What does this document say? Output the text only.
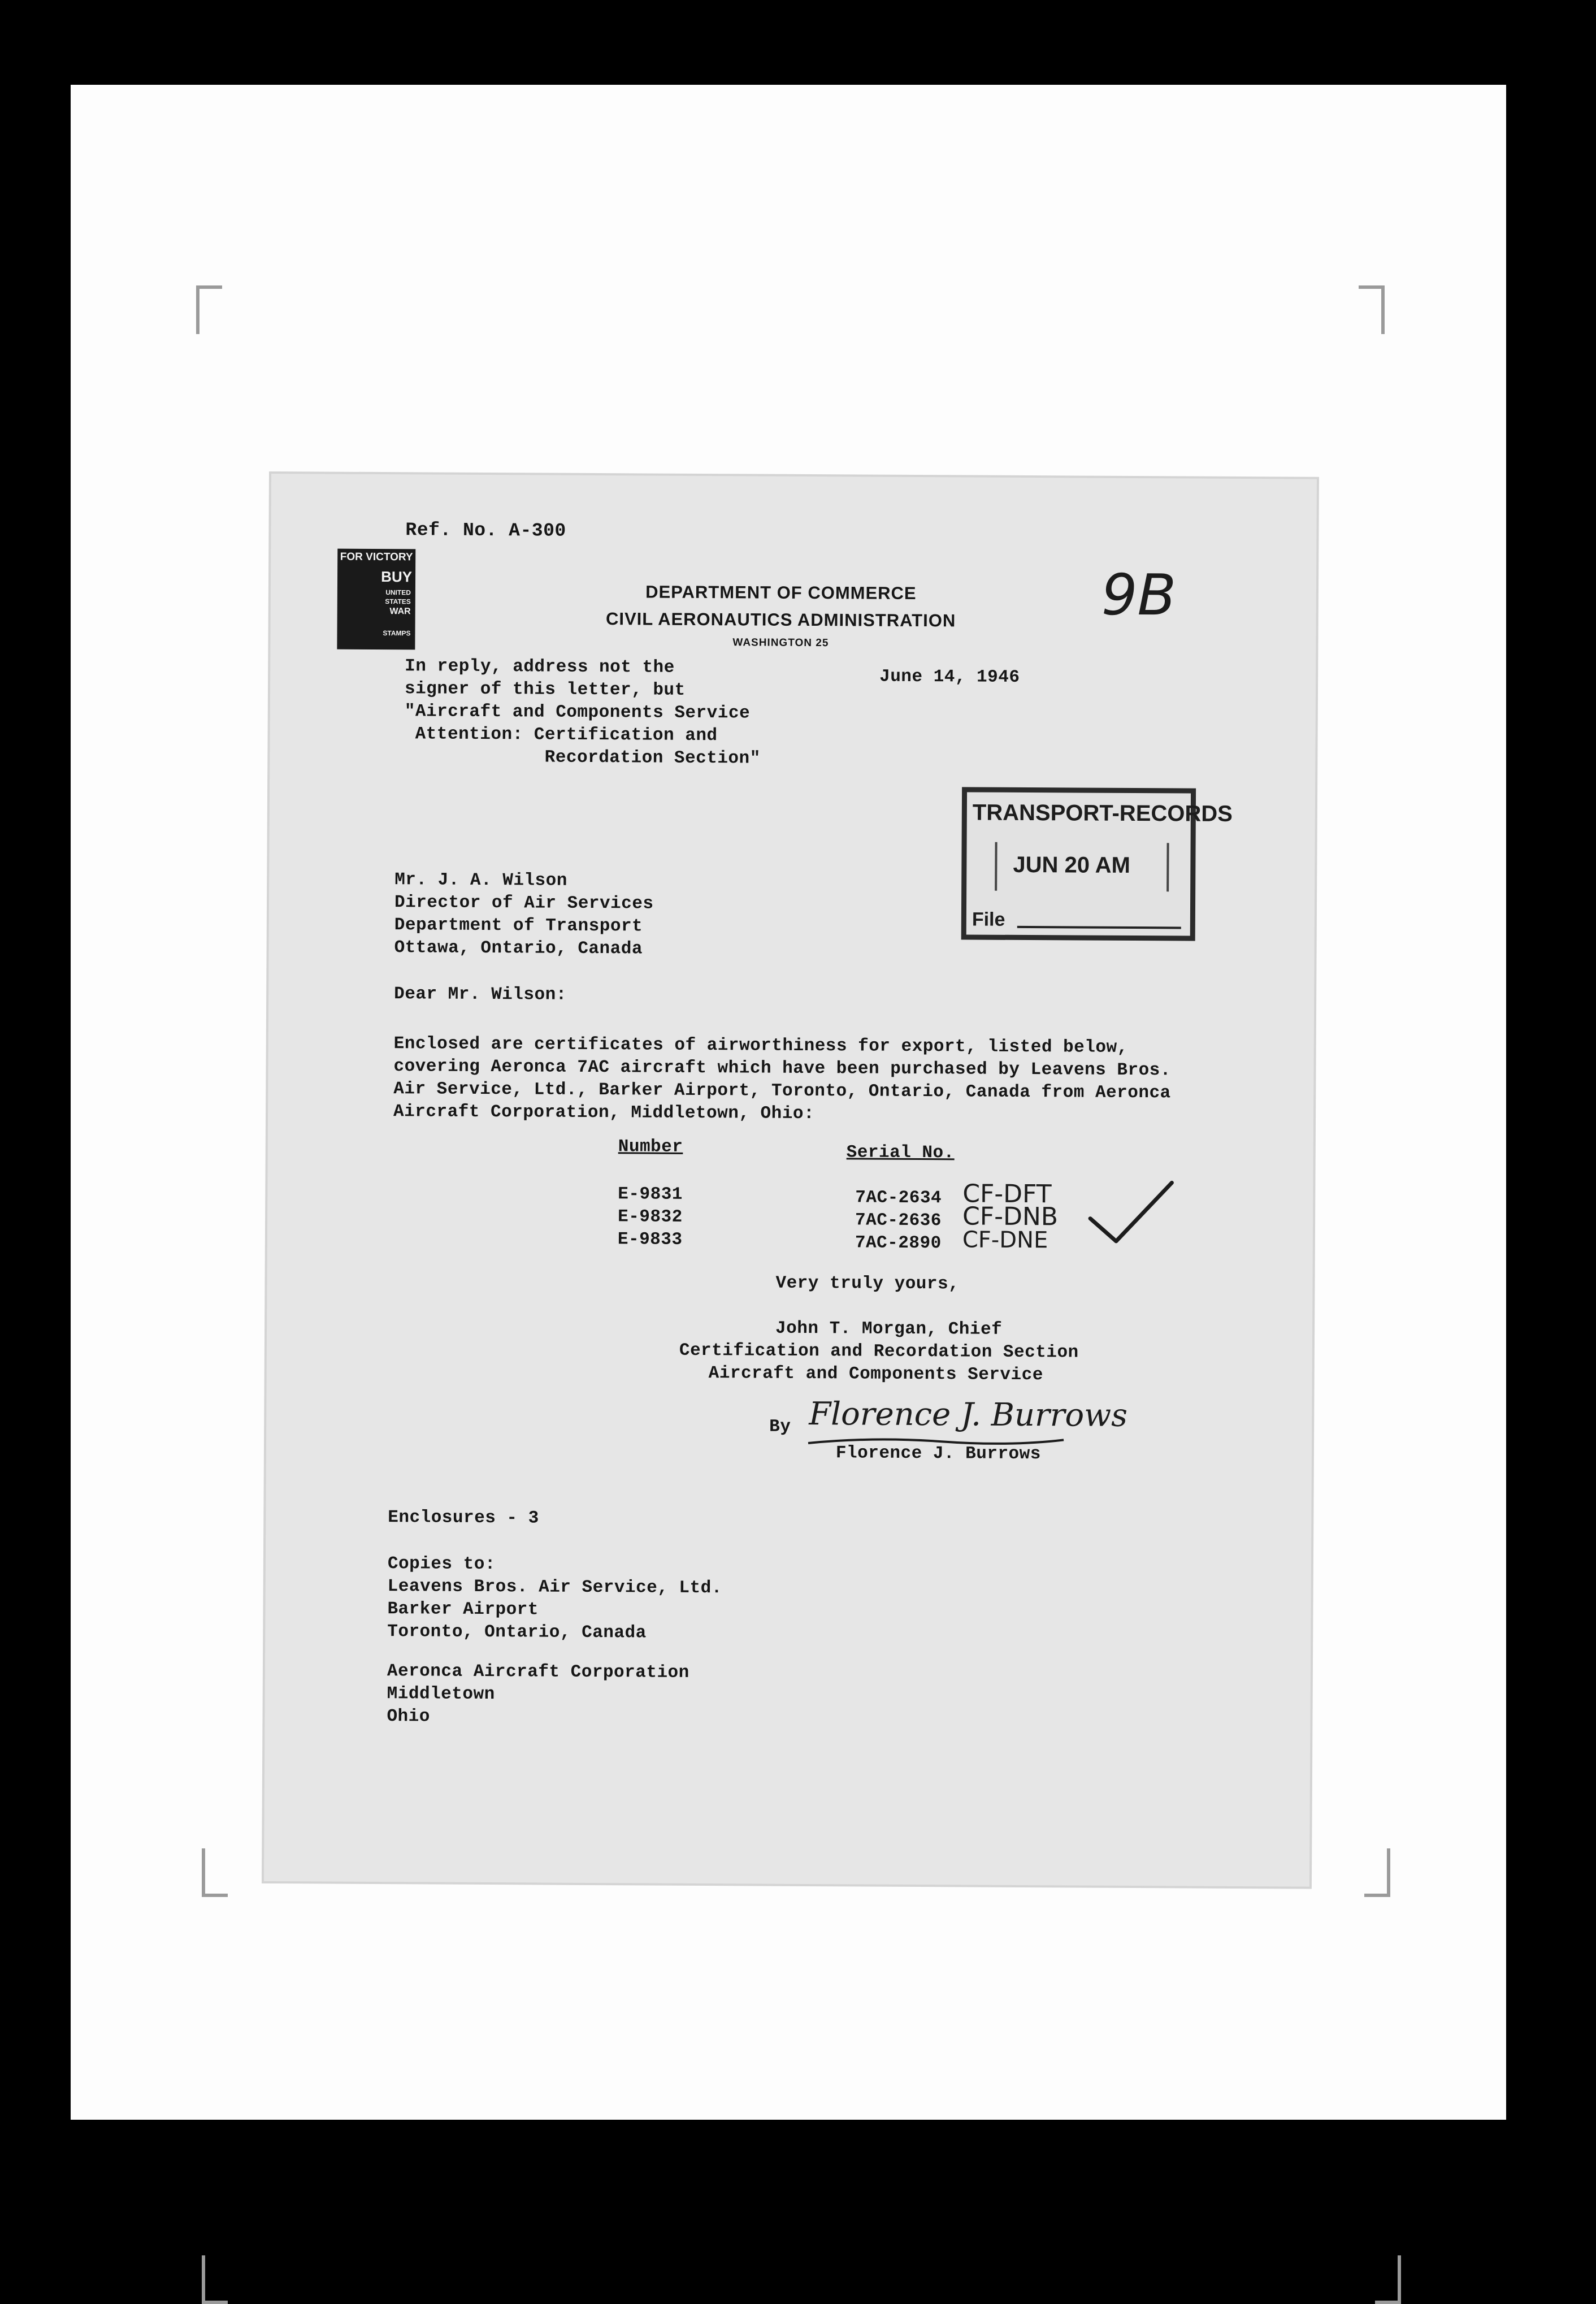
Ref. No. A-300
9B
FOR VICTORY
BUY
UNITED
STATES
WAR
STAMPS
DEPARTMENT OF COMMERCE
CIVIL AERONAUTICS ADMINISTRATION
WASHINGTON 25
In reply, address not the
signer of this letter, but
"Aircraft and Components Service
Attention: Certification and
Recordation Section"
June 14, 1946
TRANSPORT-RECORDS
JUN 20 AM
File
Mr. J. A. Wilson
Director of Air Services
Department of Transport
Ottawa, Ontario, Canada
Dear Mr. Wilson:
Enclosed are certificates of airworthiness for export, listed below,
covering Aeronca 7AC aircraft which have been purchased by Leavens Bros.
Air Service, Ltd., Barker Airport, Toronto, Ontario, Canada from Aeronca
Aircraft Corporation, Middletown, Ohio:
Number	Serial No.
E-9831	7AC-2634 CF-DFT
E-9832	7AC-2636 CF-DNB
E-9833	7AC-2890 CF-DNE
Very truly yours,
John T. Morgan, Chief
Certification and Recordation Section
Aircraft and Components Service
By Florence J. Burrows
Florence J. Burrows
Enclosures - 3
Copies to:
Leavens Bros. Air Service, Ltd.
Barker Airport
Toronto, Ontario, Canada
Aeronca Aircraft Corporation
Middletown
Ohio
